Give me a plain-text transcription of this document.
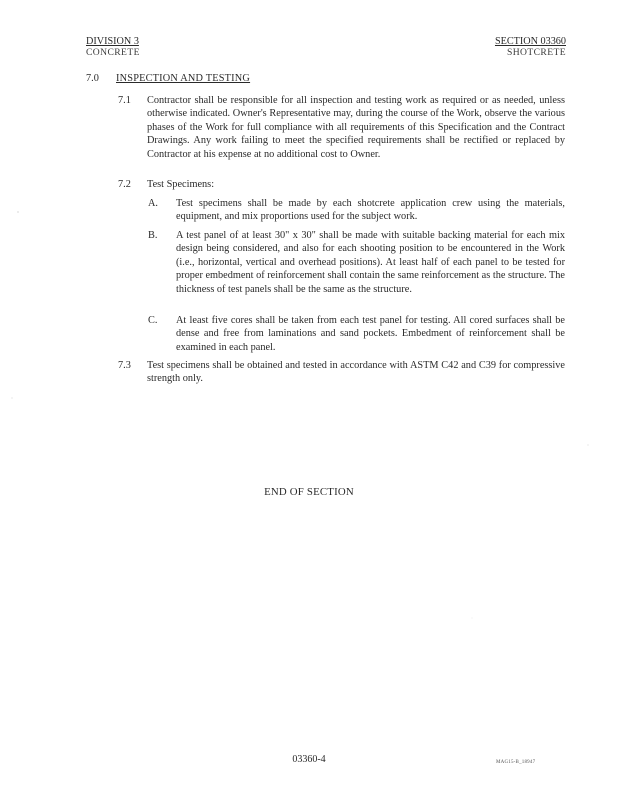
DIVISION 3
CONCRETE
SECTION 03360
SHOTCRETE
7.0 INSPECTION AND TESTING
7.1 Contractor shall be responsible for all inspection and testing work as required or as needed, unless otherwise indicated. Owner's Representative may, during the course of the Work, observe the various phases of the Work for full compliance with all requirements of this Specification and the Contract Drawings. Any work failing to meet the specified requirements shall be rectified or replaced by Contractor at his expense at no additional cost to Owner.

7.2 Test Specimens:

A. Test specimens shall be made by each shotcrete application crew using the materials, equipment, and mix proportions used for the subject work.

B. A test panel of at least 30" x 30" shall be made with suitable backing material for each mix design being considered, and also for each shooting position to be encountered in the Work (i.e., horizontal, vertical and overhead positions). At least half of each panel to be tested for proper embedment of reinforcement shall contain the same reinforcement as the structure. The thickness of test panels shall be the same as the structure.

C. At least five cores shall be taken from each test panel for testing. All cored surfaces shall be dense and free from laminations and sand pockets. Embedment of reinforcement shall be examined in each panel.

7.3 Test specimens shall be obtained and tested in accordance with ASTM C42 and C39 for compressive strength only.

END OF SECTION
03360-4	MAG15-B_18947
